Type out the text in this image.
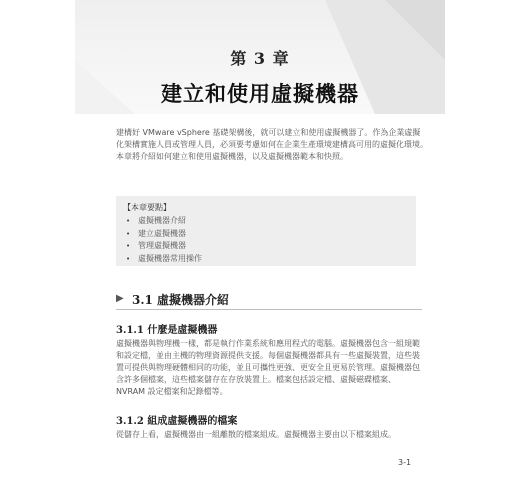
第 3 章
建立和使用虛擬機器

建構好 VMware vSphere 基礎架構後，就可以建立和使用虛擬機器了。作為企業虛擬化架構實施人員或管理人員，必須要考慮如何在企業生產環境建構高可用的虛擬化環境。本章將介紹如何建立和使用虛擬機器，以及虛擬機器範本和快照。

【本章要點】
• 虛擬機器介紹
• 建立虛擬機器
• 管理虛擬機器
• 虛擬機器常用操作
▶ 3.1 虛擬機器介紹
3.1.1 什麼是虛擬機器

虛擬機器與物理機一樣，都是執行作業系統和應用程式的電腦。虛擬機器包含一組規範和設定檔，並由主機的物理資源提供支援。每個虛擬機器都具有一些虛擬裝置，這些裝置可提供與物理硬體相同的功能，並且可攜性更強、更安全且更易於管理。虛擬機器包含許多個檔案，這些檔案儲存在存放裝置上。檔案包括設定檔、虛擬磁碟檔案、NVRAM 設定檔案和記錄檔等。

3.1.2 組成虛擬機器的檔案

從儲存上看，虛擬機器由一組離散的檔案組成。虛擬機器主要由以下檔案組成。

3-1
